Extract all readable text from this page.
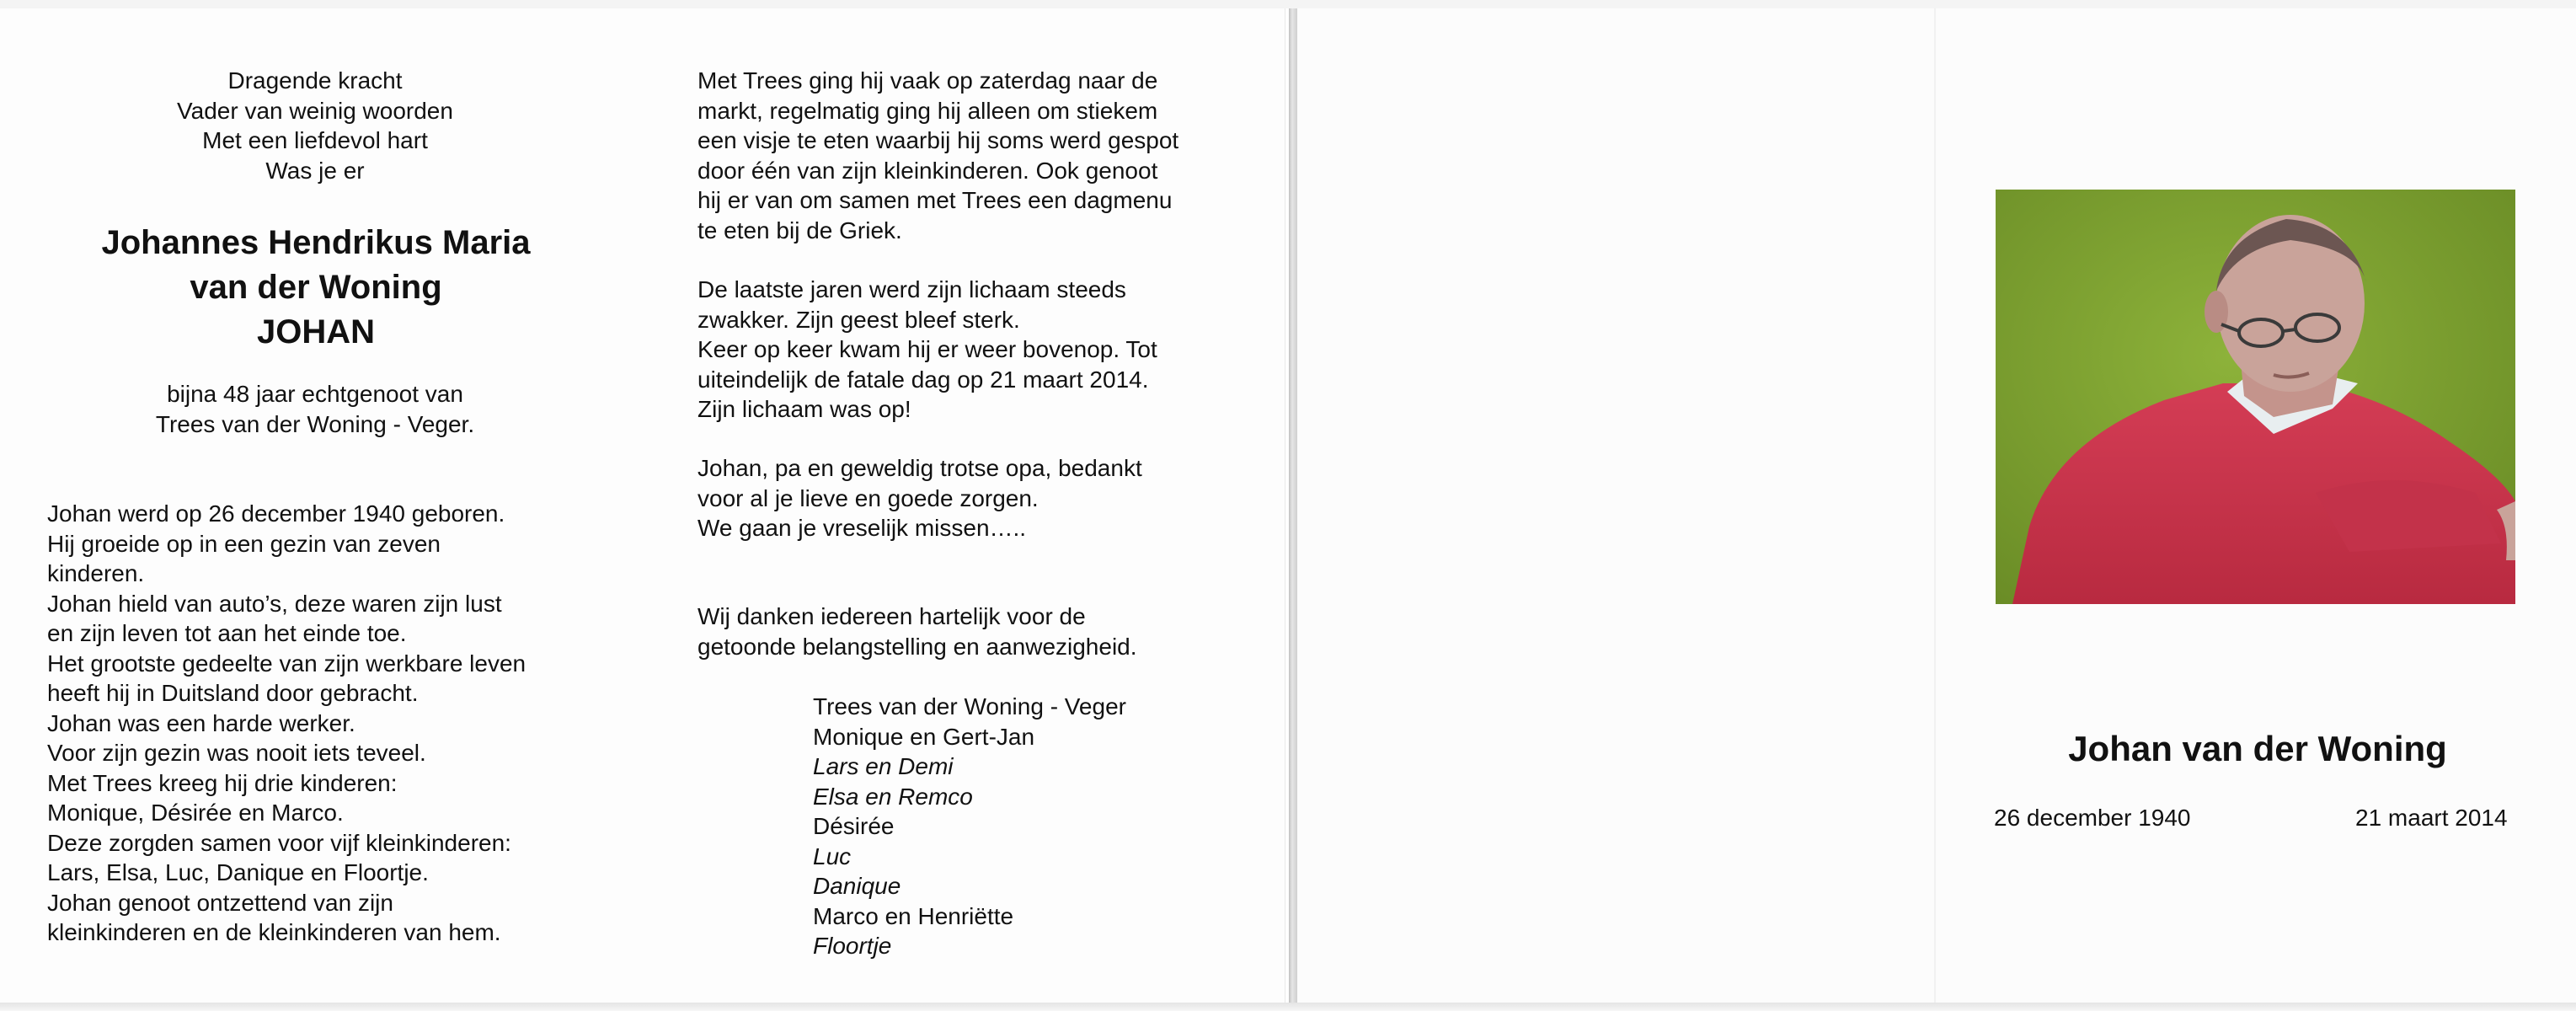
Dragende kracht
Vader van weinig woorden
Met een liefdevol hart
Was je er
Johannes Hendrikus Maria
van der Woning
JOHAN
bijna 48 jaar echtgenoot van
Trees van der Woning - Veger.
Johan werd op 26 december 1940 geboren.
Hij groeide op in een gezin van zeven
kinderen.
Johan hield van auto’s, deze waren zijn lust
en zijn leven tot aan het einde toe.
Het grootste gedeelte van zijn werkbare leven
heeft hij in Duitsland door gebracht.
Johan was een harde werker.
Voor zijn gezin was nooit iets teveel.
Met Trees kreeg hij drie kinderen:
Monique, Désirée en Marco.
Deze zorgden samen voor vijf kleinkinderen:
Lars, Elsa, Luc, Danique en Floortje.
Johan genoot ontzettend van zijn
kleinkinderen en de kleinkinderen van hem.
Met Trees ging hij vaak op zaterdag naar de
markt, regelmatig ging hij alleen om stiekem
een visje te eten waarbij hij soms werd gespot
door één van zijn kleinkinderen. Ook genoot
hij er van om samen met Trees een dagmenu
te eten bij de Griek.
De laatste jaren werd zijn lichaam steeds
zwakker. Zijn geest bleef sterk.
Keer op keer kwam hij er weer bovenop. Tot
uiteindelijk de fatale dag op 21 maart 2014.
Zijn lichaam was op!
Johan, pa en geweldig trotse opa, bedankt
voor al je lieve en goede zorgen.
We gaan je vreselijk missen…..
Wij danken iedereen hartelijk voor de
getoonde belangstelling en aanwezigheid.
Trees van der Woning - Veger
Monique en Gert-Jan
Lars en Demi
Elsa en Remco
Désirée
Luc
Danique
Marco en Henriëtte
Floortje
Johan van der Woning
26 december 1940	21 maart 2014
